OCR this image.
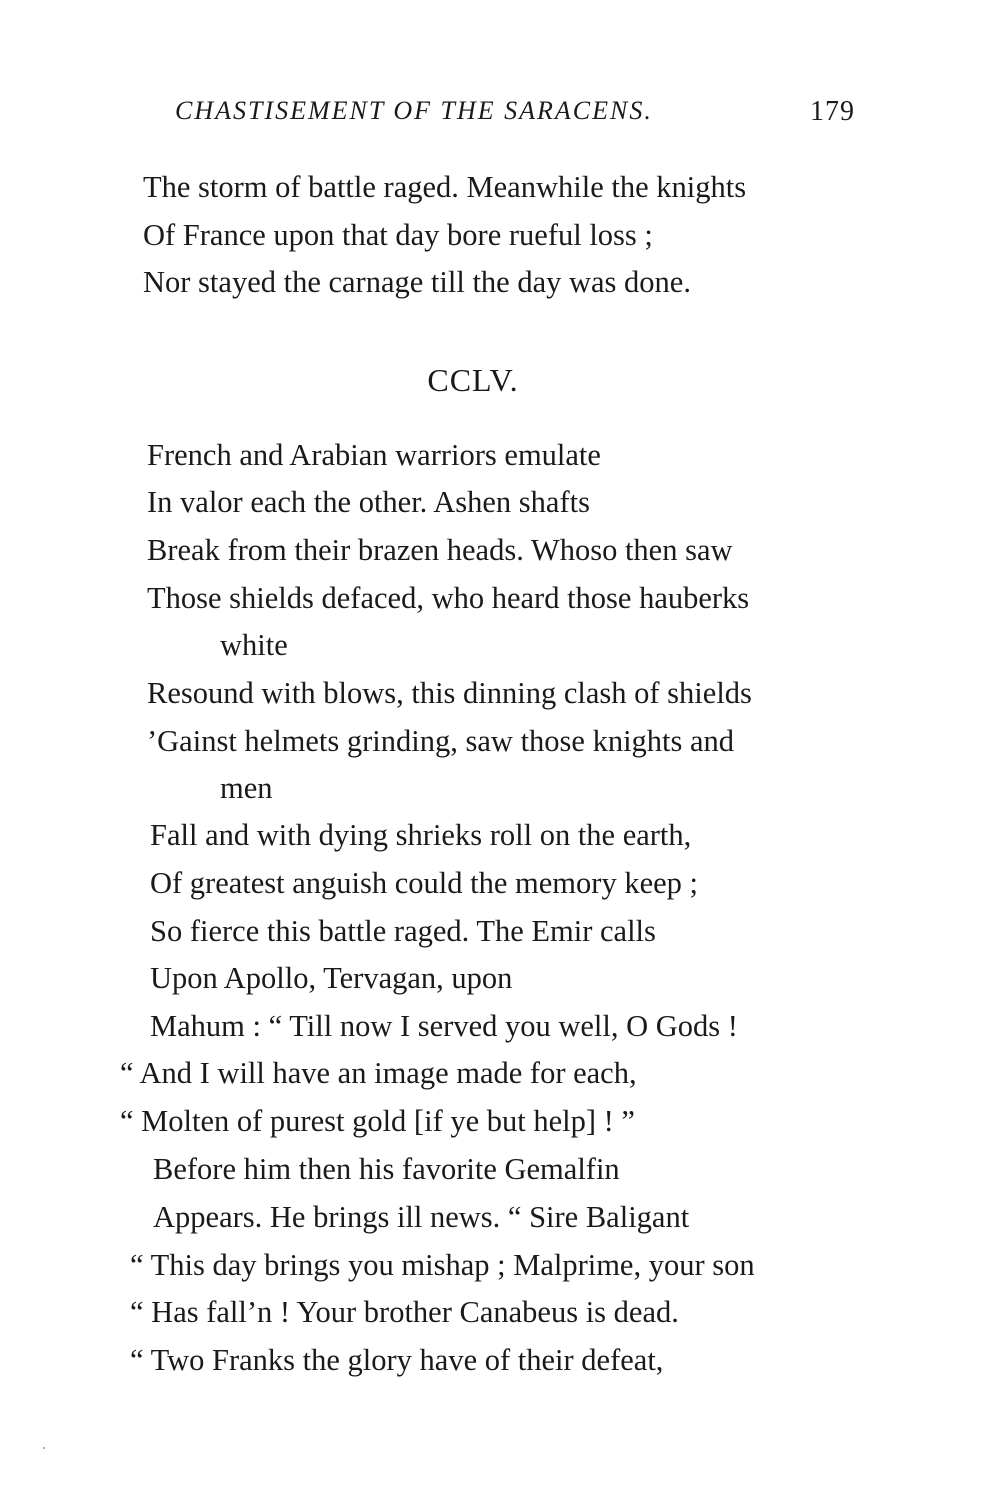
CHASTISEMENT OF THE SARACENS.	179
The storm of battle raged. Meanwhile the knights
Of France upon that day bore rueful loss ;
Nor stayed the carnage till the day was done.
CCLV.
French and Arabian warriors emulate
In valor each the other. Ashen shafts
Break from their brazen heads. Whoso then saw
Those shields defaced, who heard those hauberks
white
Resound with blows, this dinning clash of shields
’Gainst helmets grinding, saw those knights and
men
Fall and with dying shrieks roll on the earth,
Of greatest anguish could the memory keep ;
So fierce this battle raged. The Emir calls
Upon Apollo, Tervagan, upon
Mahum : “ Till now I served you well, O Gods !
“ And I will have an image made for each,
“ Molten of purest gold [if ye but help] ! ”
Before him then his favorite Gemalfin
Appears. He brings ill news. “ Sire Baligant
“ This day brings you mishap ; Malprime, your son
“ Has fall’n ! Your brother Canabeus is dead.
“ Two Franks the glory have of their defeat,
